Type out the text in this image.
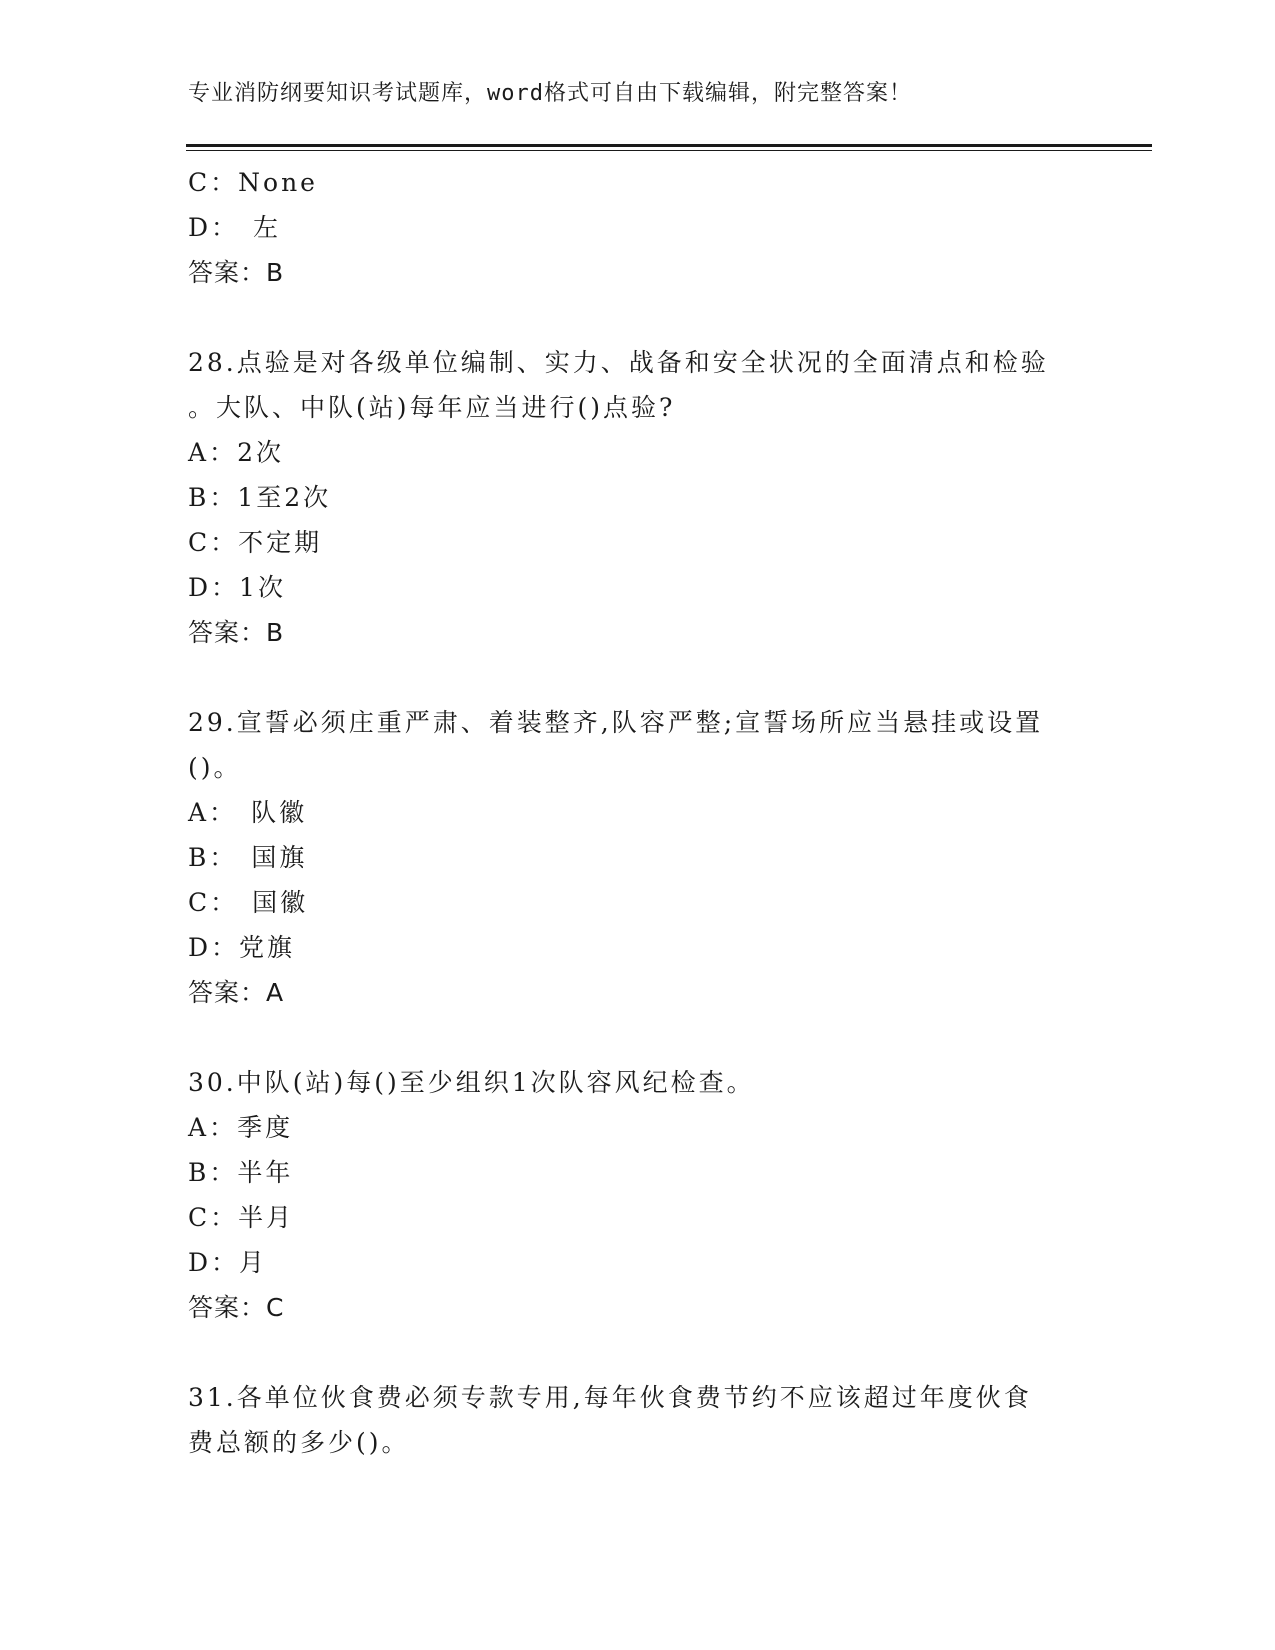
专业消防纲要知识考试题库，word格式可自由下载编辑，附完整答案！
C：None
D： 左
答案：B
28.点验是对各级单位编制、实力、战备和安全状况的全面清点和检验
。大队、中队(站)每年应当进行()点验?
A：2次
B：1至2次
C：不定期
D：1次
答案：B
29.宣誓必须庄重严肃、着装整齐,队容严整;宣誓场所应当悬挂或设置
()。
A：队徽
B：国旗
C：国徽
D：党旗
答案：A
30.中队(站)每()至少组织1次队容风纪检查。
A：季度
B：半年
C：半月
D：月
答案：C
31.各单位伙食费必须专款专用,每年伙食费节约不应该超过年度伙食
费总额的多少()。
